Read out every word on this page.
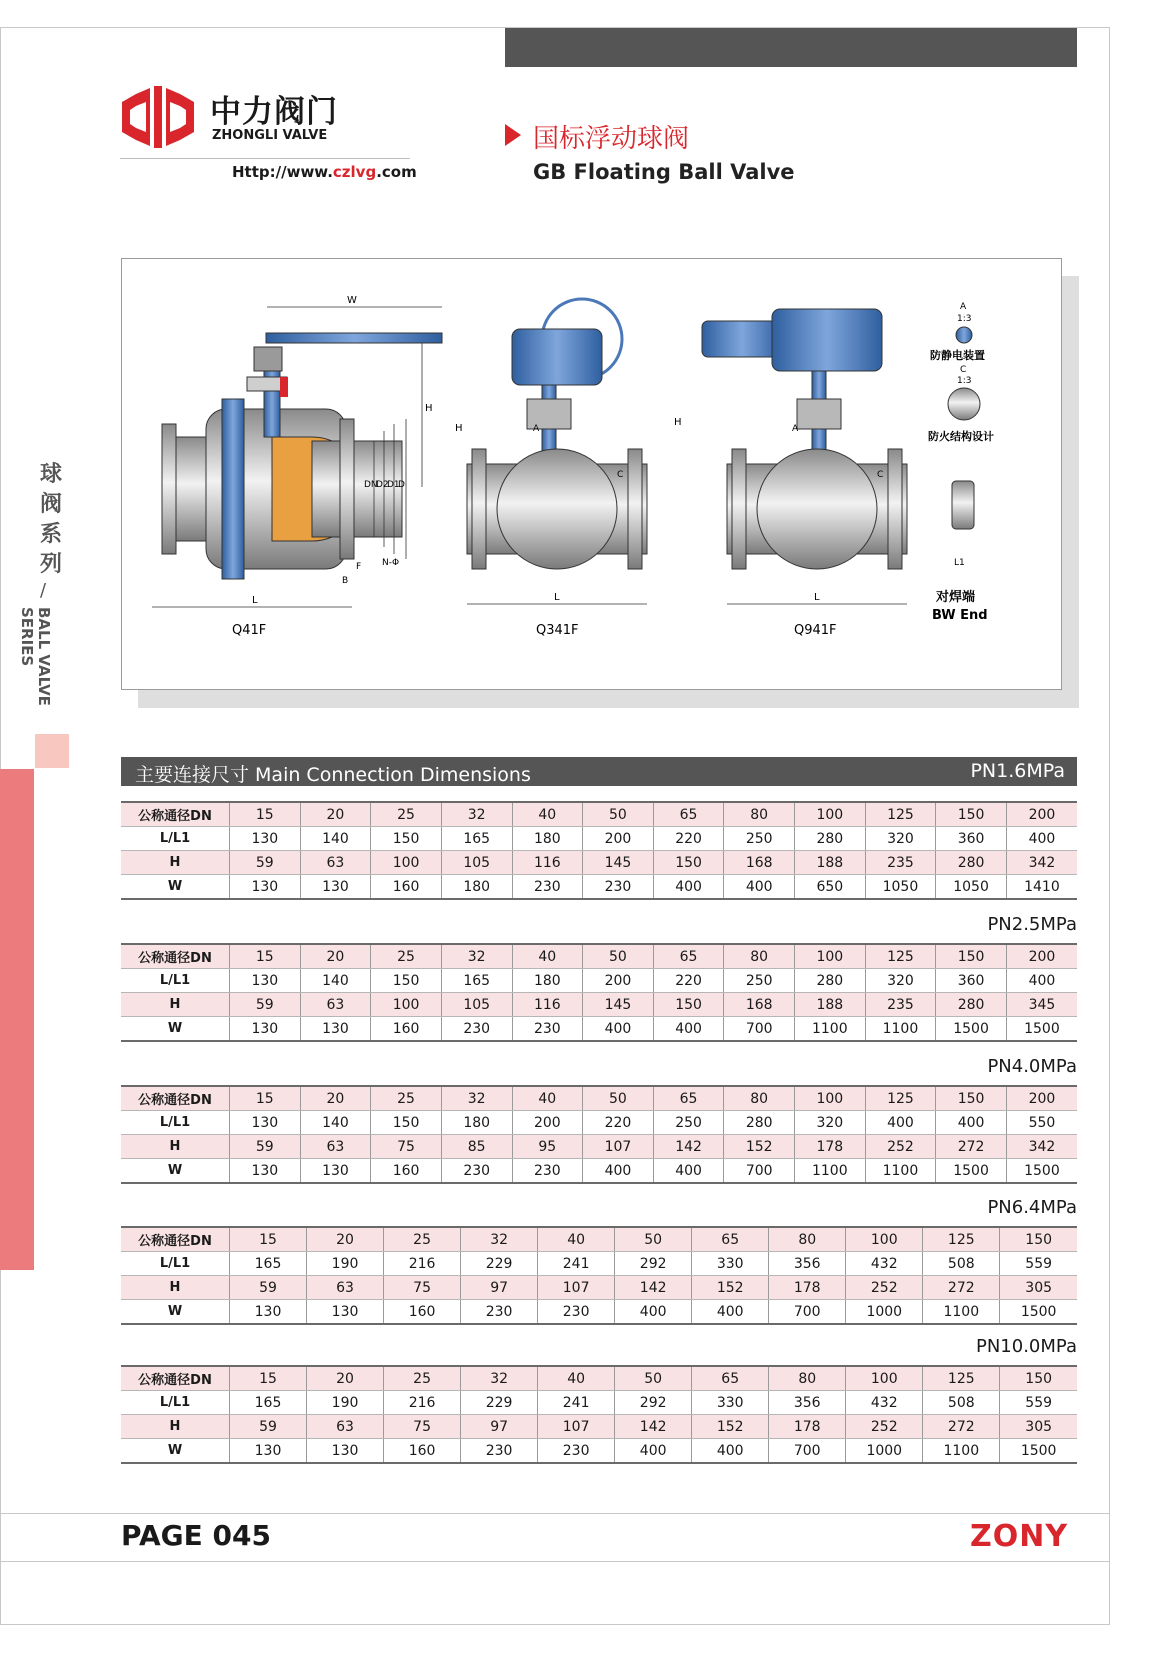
中力阀门
ZHONGLI VALVE
Http://www.czlvg.com
国标浮动球阀
GB Floating Ball Valve
球阀系列
/
BALL VALVE
SERIES
W
H
L
DN
D2
D1
D
F
B
N-Φ
Q41F
L
H	A
C
Q341F
L
H
A
C
Q941F
A
1:3
防静电装置
C
1:3
防火结构设计
L1
对焊端
BW End
主要连接尺寸 Main Connection Dimensions	PN1.6MPa
公称通径DN	15	20	25	32	40	50	65	80	100	125	150	200
L/L1	130	140	150	165	180	200	220	250	280	320	360	400
H	59	63	100	105	116	145	150	168	188	235	280	342
W	130	130	160	180	230	230	400	400	650	1050	1050	1410
PN2.5MPa
公称通径DN	15	20	25	32	40	50	65	80	100	125	150	200
L/L1	130	140	150	165	180	200	220	250	280	320	360	400
H	59	63	100	105	116	145	150	168	188	235	280	345
W	130	130	160	230	230	400	400	700	1100	1100	1500	1500
PN4.0MPa
公称通径DN	15	20	25	32	40	50	65	80	100	125	150	200
L/L1	130	140	150	180	200	220	250	280	320	400	400	550
H	59	63	75	85	95	107	142	152	178	252	272	342
W	130	130	160	230	230	400	400	700	1100	1100	1500	1500
PN6.4MPa
公称通径DN	15	20	25	32	40	50	65	80	100	125	150
L/L1	165	190	216	229	241	292	330	356	432	508	559
H	59	63	75	97	107	142	152	178	252	272	305
W	130	130	160	230	230	400	400	700	1000	1100	1500
PN10.0MPa
公称通径DN	15	20	25	32	40	50	65	80	100	125	150
L/L1	165	190	216	229	241	292	330	356	432	508	559
H	59	63	75	97	107	142	152	178	252	272	305
W	130	130	160	230	230	400	400	700	1000	1100	1500
PAGE 045	ZONY
